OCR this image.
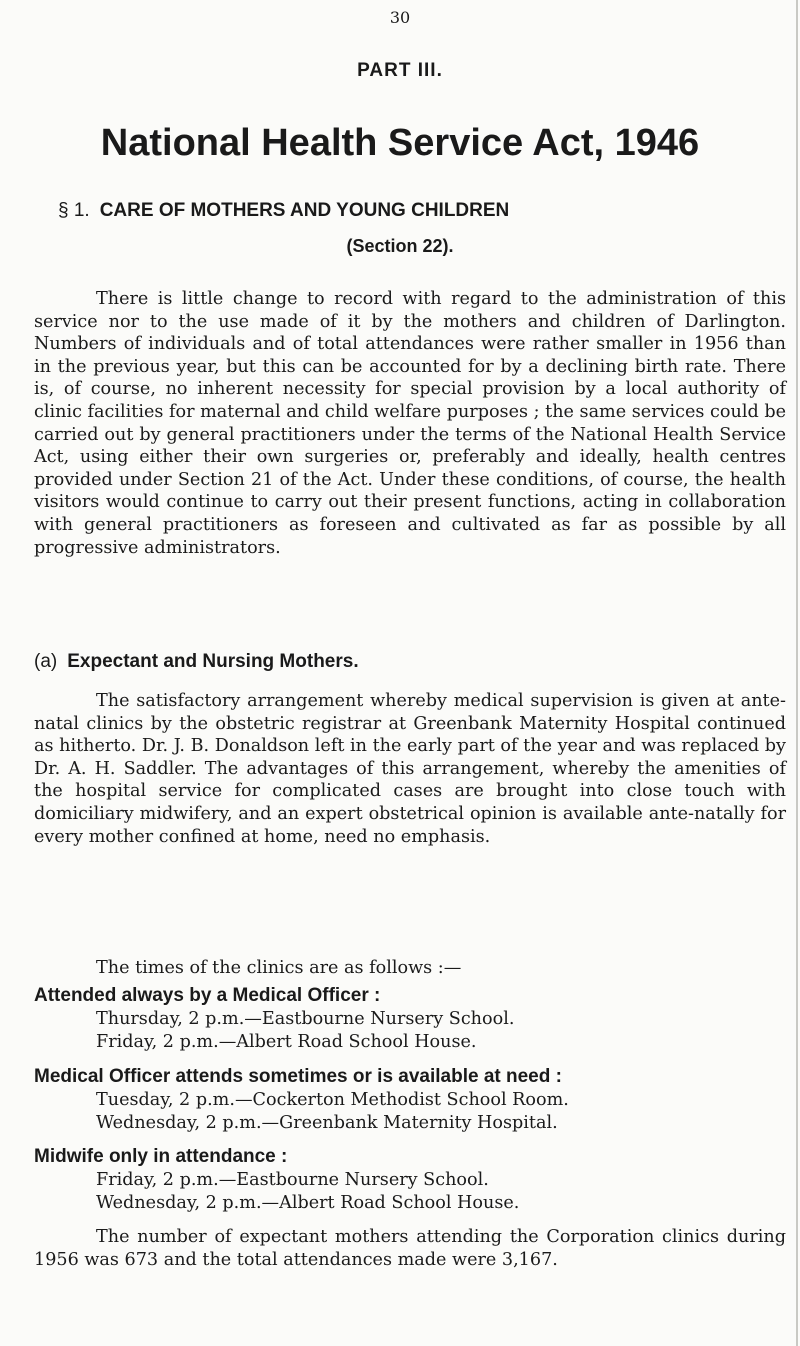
30
PART III.
National Health Service Act, 1946
§ 1. CARE OF MOTHERS AND YOUNG CHILDREN
(Section 22).

There is little change to record with regard to the administration of this service nor to the use made of it by the mothers and children of Darlington. Numbers of individuals and of total attendances were rather smaller in 1956 than in the previous year, but this can be accounted for by a declining birth rate. There is, of course, no inherent necessity for special provision by a local authority of clinic facilities for maternal and child welfare purposes ; the same services could be carried out by general practitioners under the terms of the National Health Service Act, using either their own surgeries or, preferably and ideally, health centres provided under Section 21 of the Act. Under these conditions, of course, the health visitors would continue to carry out their present functions, acting in collaboration with general practitioners as foreseen and cultivated as far as possible by all progressive administrators.

(a) Expectant and Nursing Mothers.

The satisfactory arrangement whereby medical supervision is given at ante-natal clinics by the obstetric registrar at Greenbank Maternity Hospital continued as hitherto. Dr. J. B. Donaldson left in the early part of the year and was replaced by Dr. A. H. Saddler. The advantages of this arrangement, whereby the amenities of the hospital service for complicated cases are brought into close touch with domiciliary midwifery, and an expert obstetrical opinion is available ante-natally for every mother confined at home, need no emphasis.

The times of the clinics are as follows :—

Attended always by a Medical Officer :
Thursday, 2 p.m.—Eastbourne Nursery School.
Friday, 2 p.m.—Albert Road School House.
Medical Officer attends sometimes or is available at need :
Tuesday, 2 p.m.—Cockerton Methodist School Room.
Wednesday, 2 p.m.—Greenbank Maternity Hospital.
Midwife only in attendance :
Friday, 2 p.m.—Eastbourne Nursery School.
Wednesday, 2 p.m.—Albert Road School House.

The number of expectant mothers attending the Corporation clinics during 1956 was 673 and the total attendances made were 3,167.
